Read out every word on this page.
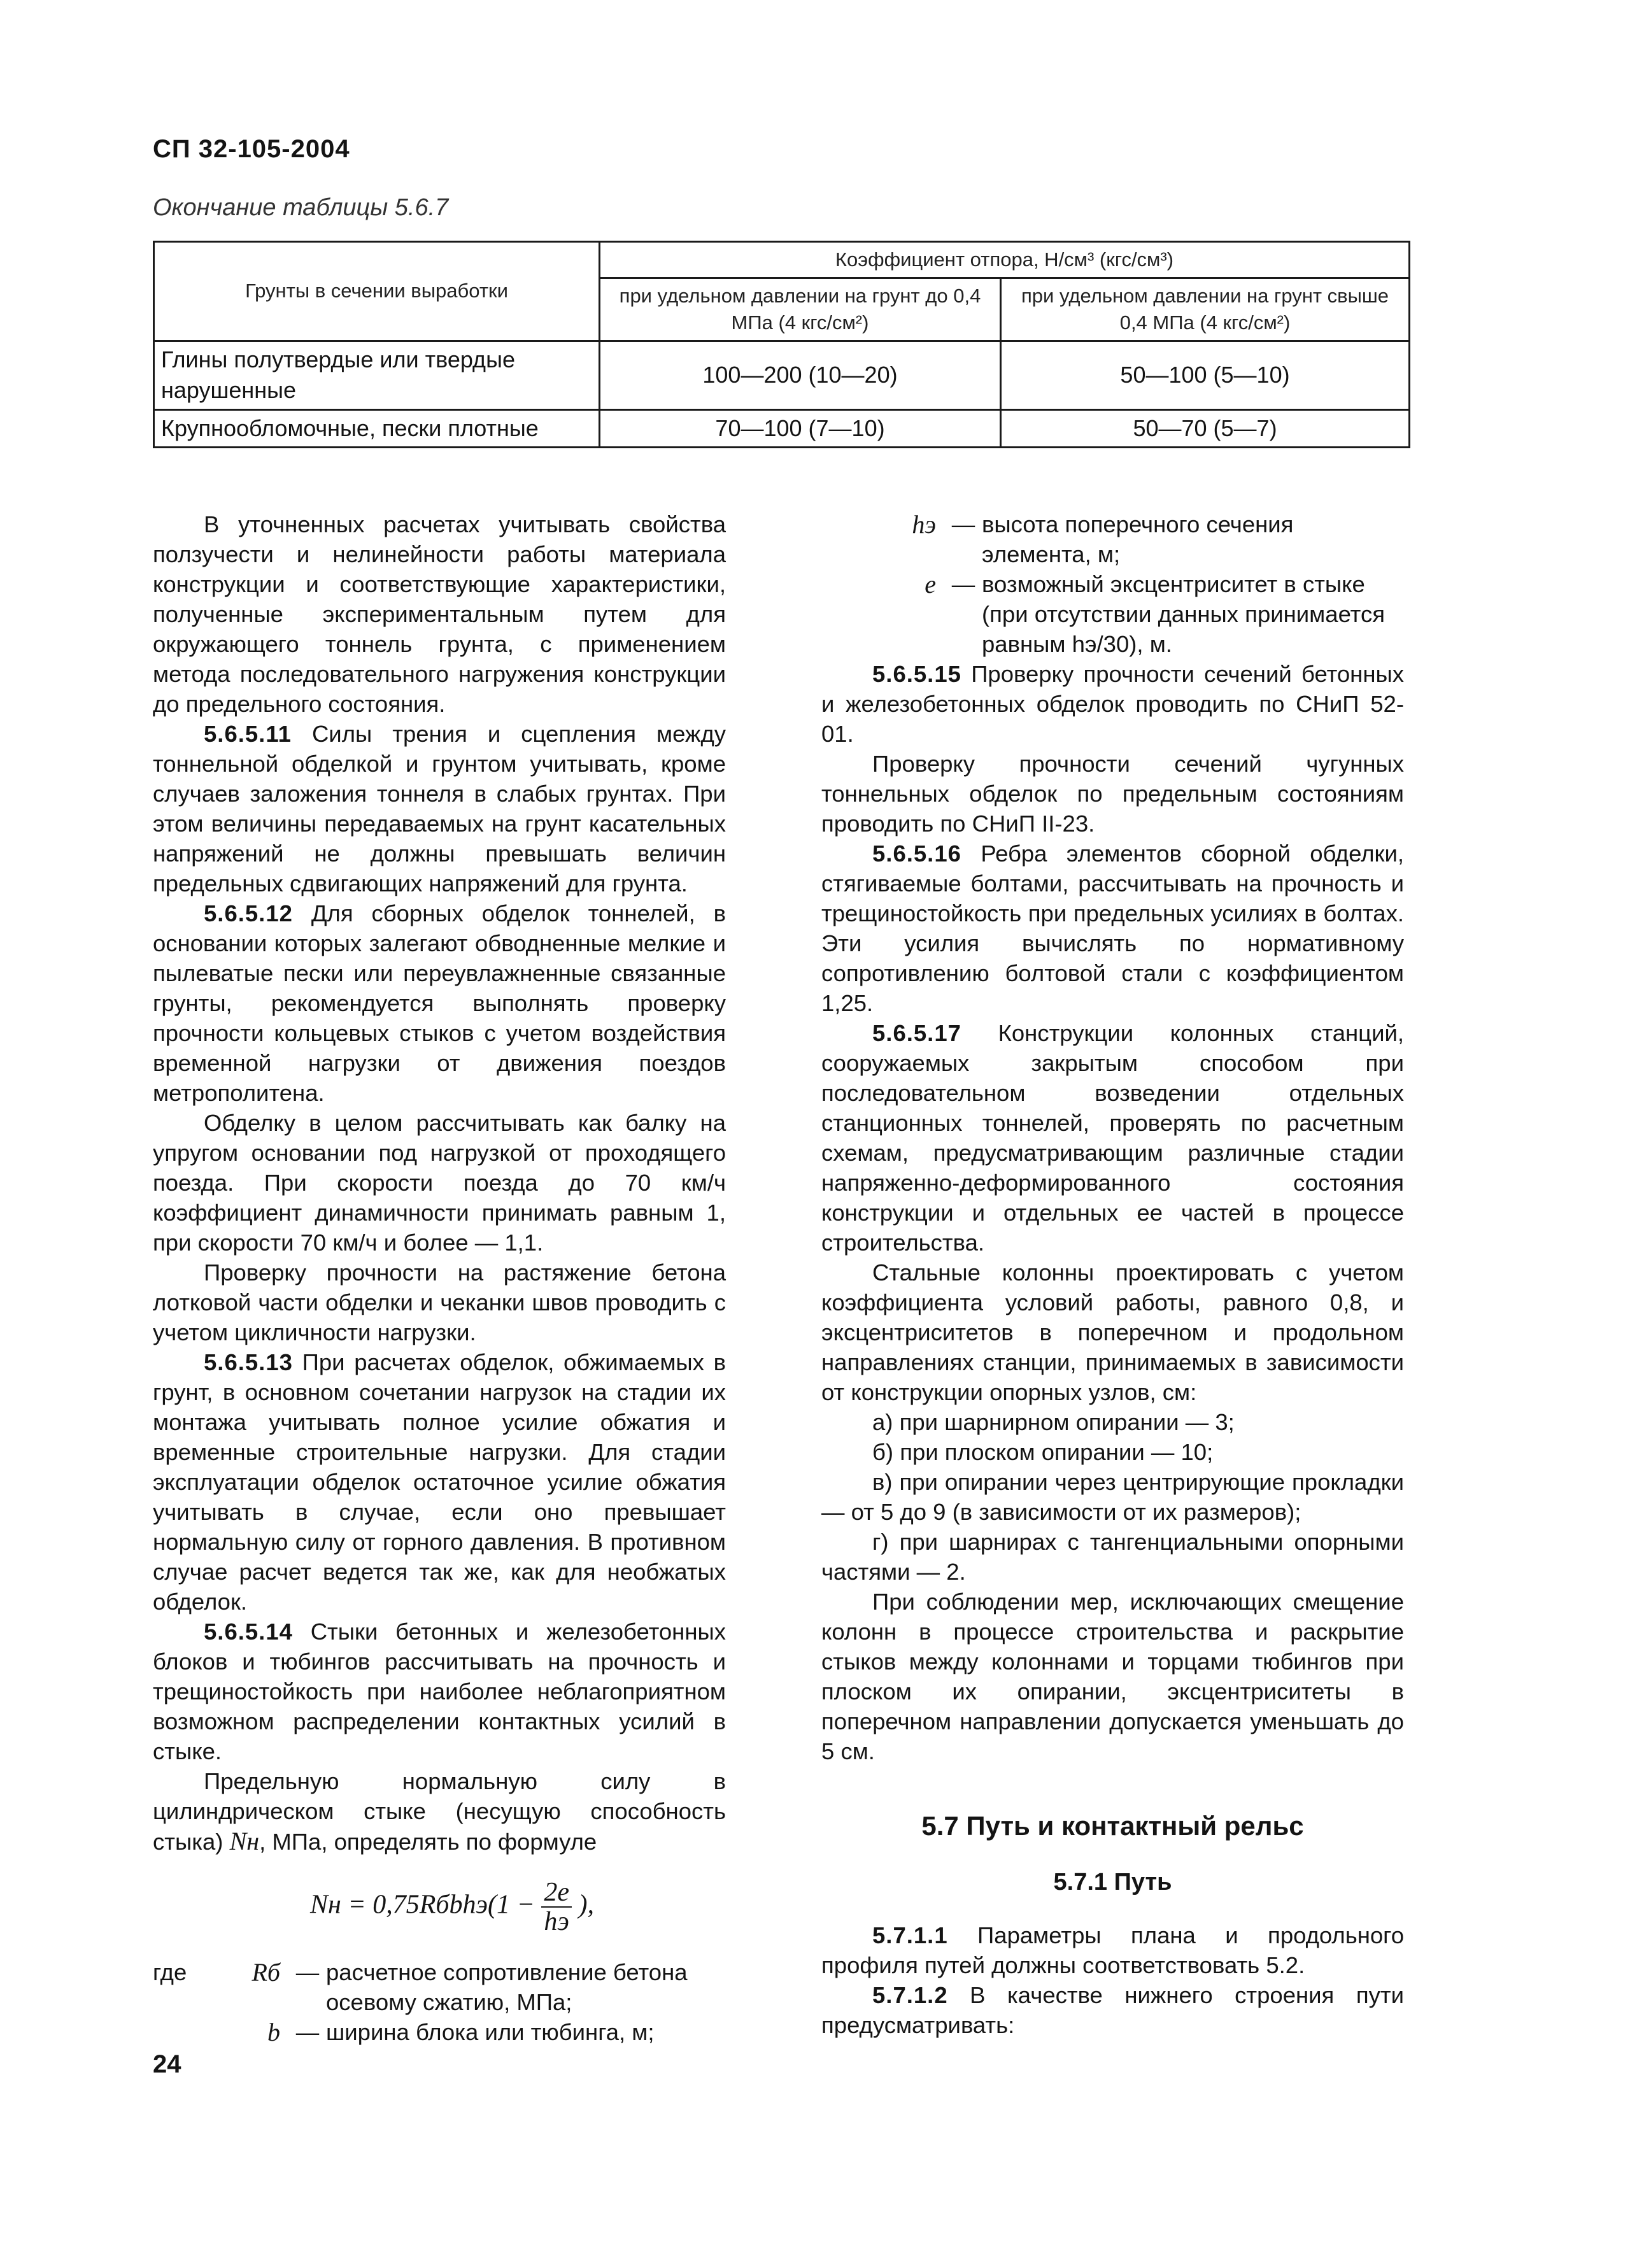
СП 32-105-2004
Окончание таблицы 5.6.7
Грунты в сечении выработки	Коэффициент отпора, Н/см³ (кгс/см³)	
	при удельном давлении на грунт до 0,4 МПа (4 кгс/см²)	при удельном давлении на грунт свыше 0,4 МПа (4 кгс/см²)
Глины полутвердые или твердые нарушенные	100—200 (10—20)	50—100 (5—10)
Крупнообломочные, пески плотные	70—100 (7—10)	50—70 (5—7)

В уточненных расчетах учитывать свойства ползучести и нелинейности работы материала конструкции и соответствующие характеристики, полученные экспериментальным путем для окружающего тоннель грунта, с применением метода последовательного нагружения конструкции до предельного состояния.

5.6.5.11 Силы трения и сцепления между тоннельной обделкой и грунтом учитывать, кроме случаев заложения тоннеля в слабых грунтах. При этом величины передаваемых на грунт касательных напряжений не должны превышать величин предельных сдвигающих напряжений для грунта.

5.6.5.12 Для сборных обделок тоннелей, в основании которых залегают обводненные мелкие и пылеватые пески или переувлажненные связанные грунты, рекомендуется выполнять проверку прочности кольцевых стыков с учетом воздействия временной нагрузки от движения поездов метрополитена.

Обделку в целом рассчитывать как балку на упругом основании под нагрузкой от проходящего поезда. При скорости поезда до 70 км/ч коэффициент динамичности принимать равным 1, при скорости 70 км/ч и более — 1,1.

Проверку прочности на растяжение бетона лотковой части обделки и чеканки швов проводить с учетом цикличности нагрузки.

5.6.5.13 При расчетах обделок, обжимаемых в грунт, в основном сочетании нагрузок на стадии их монтажа учитывать полное усилие обжатия и временные строительные нагрузки. Для стадии эксплуатации обделок остаточное усилие обжатия учитывать в случае, если оно превышает нормальную силу от горного давления. В противном случае расчет ведется так же, как для необжатых обделок.

5.6.5.14 Стыки бетонных и железобетонных блоков и тюбингов рассчитывать на прочность и трещиностойкость при наиболее неблагоприятном возможном распределении контактных усилий в стыке.

Предельную нормальную силу в цилиндрическом стыке (несущую способность стыка) Nн, МПа, определять по формуле

Nн = 0,75Rбbhэ(1 − $\frac{2e}{hэ}$ ),
где	Rб	—	расчетное сопротивление бетона осевому сжатию, МПа;
	b	—	ширина блока или тюбинга, м;
hэ	—	высота поперечного сечения элемента, м;
e	—	возможный эксцентриситет в стыке (при отсутствии данных принимается равным hэ/30), м.

5.6.5.15 Проверку прочности сечений бетонных и железобетонных обделок проводить по СНиП 52-01.

Проверку прочности сечений чугунных тоннельных обделок по предельным состояниям проводить по СНиП II-23.

5.6.5.16 Ребра элементов сборной обделки, стягиваемые болтами, рассчитывать на прочность и трещиностойкость при предельных усилиях в болтах. Эти усилия вычислять по нормативному сопротивлению болтовой стали с коэффициентом 1,25.

5.6.5.17 Конструкции колонных станций, сооружаемых закрытым способом при последовательном возведении отдельных станционных тоннелей, проверять по расчетным схемам, предусматривающим различные стадии напряженно-деформированного состояния конструкции и отдельных ее частей в процессе строительства.

Стальные колонны проектировать с учетом коэффициента условий работы, равного 0,8, и эксцентриситетов в поперечном и продольном направлениях станции, принимаемых в зависимости от конструкции опорных узлов, см:

а) при шарнирном опирании — 3;

б) при плоском опирании — 10;

в) при опирании через центрирующие прокладки — от 5 до 9 (в зависимости от их размеров);

г) при шарнирах с тангенциальными опорными частями — 2.

При соблюдении мер, исключающих смещение колонн в процессе строительства и раскрытие стыков между колоннами и торцами тюбингов при плоском их опирании, эксцентриситеты в поперечном направлении допускается уменьшать до 5 см.

5.7 Путь и контактный рельс
5.7.1 Путь

5.7.1.1 Параметры плана и продольного профиля путей должны соответствовать 5.2.

5.7.1.2 В качестве нижнего строения пути предусматривать:

24
